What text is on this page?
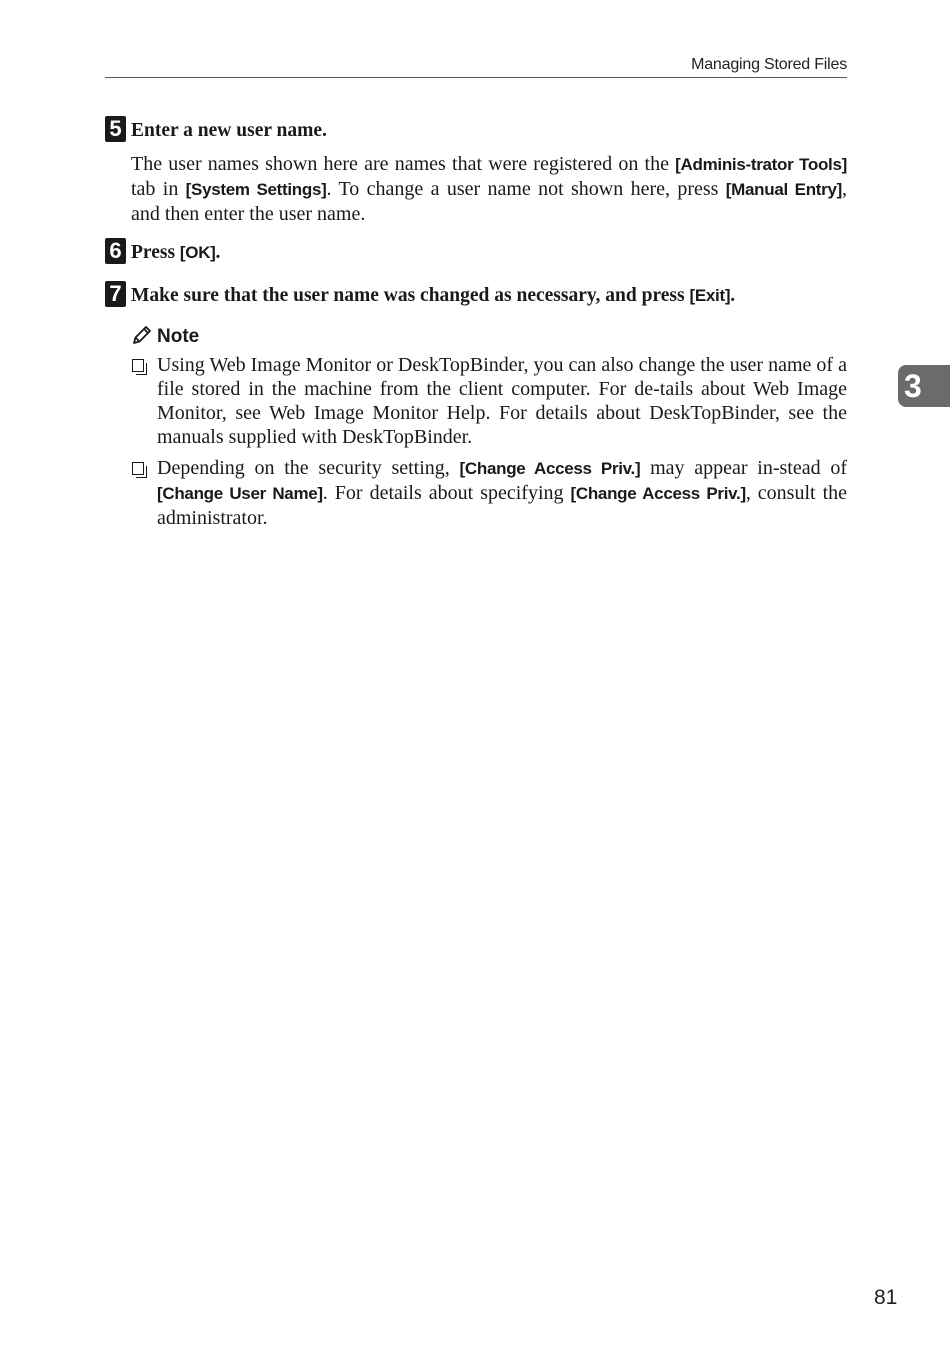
Managing Stored Files
5 Enter a new user name.
The user names shown here are names that were registered on the [Adminis-trator Tools] tab in [System Settings]. To change a user name not shown here, press [Manual Entry], and then enter the user name.
6 Press [OK].
7 Make sure that the user name was changed as necessary, and press [Exit].
Note
Using Web Image Monitor or DeskTopBinder, you can also change the user name of a file stored in the machine from the client computer. For de-tails about Web Image Monitor, see Web Image Monitor Help. For details about DeskTopBinder, see the manuals supplied with DeskTopBinder.
Depending on the security setting, [Change Access Priv.] may appear in-stead of [Change User Name]. For details about specifying [Change Access Priv.], consult the administrator.
3
81
